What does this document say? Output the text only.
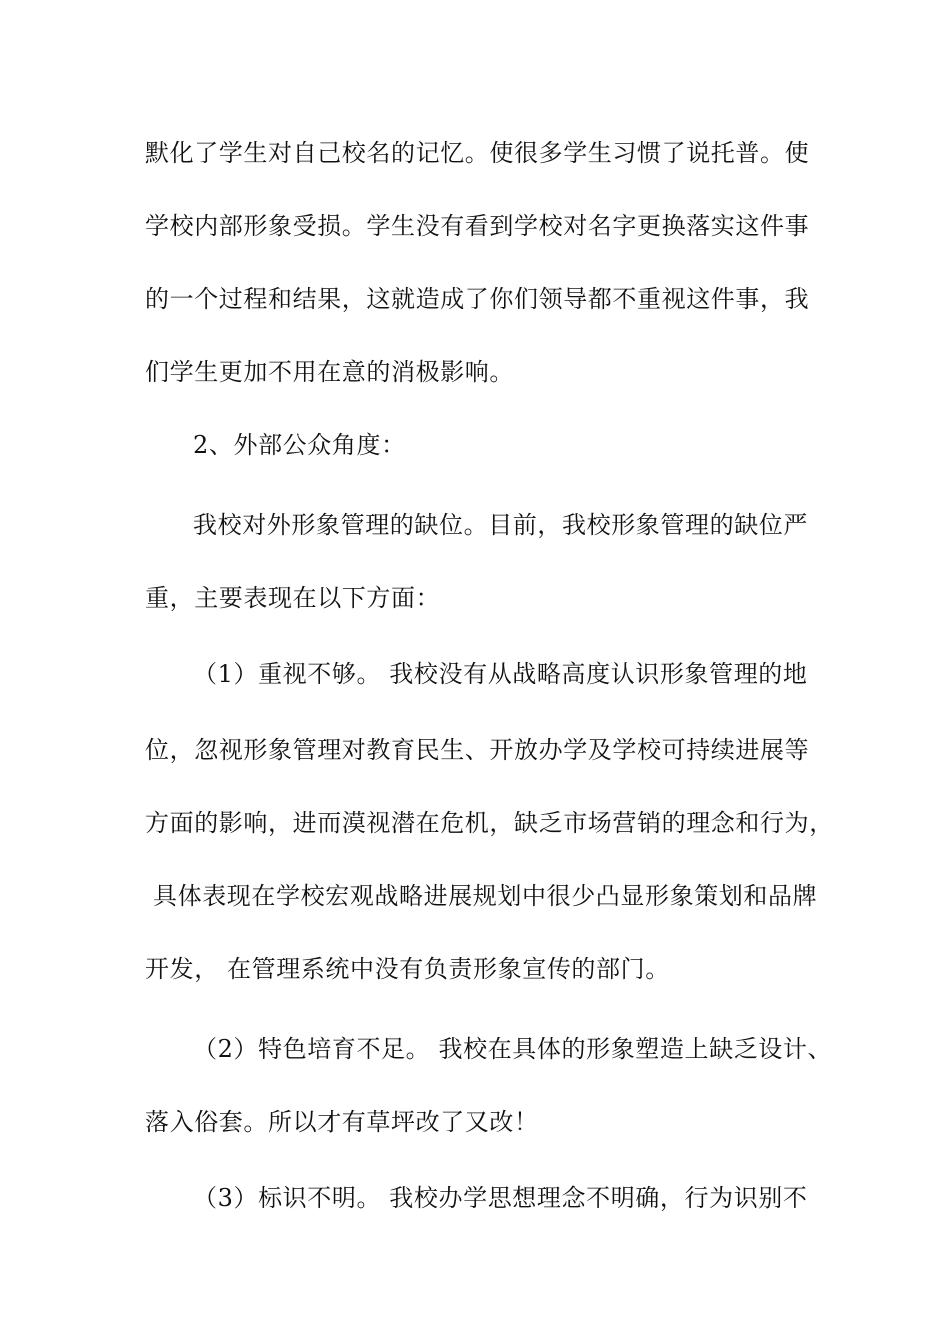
默化了学生对自己校名的记忆。使很多学生习惯了说托普。使
学校内部形象受损。学生没有看到学校对名字更换落实这件事
的一个过程和结果，这就造成了你们领导都不重视这件事，我
们学生更加不用在意的消极影响。
2、外部公众角度：
我校对外形象管理的缺位。目前，我校形象管理的缺位严
重，主要表现在以下方面：
（1）重视不够。 我校没有从战略高度认识形象管理的地
位，忽视形象管理对教育民生、开放办学及学校可持续进展等
方面的影响，进而漠视潜在危机，缺乏市场营销的理念和行为，
具体表现在学校宏观战略进展规划中很少凸显形象策划和品牌
开发， 在管理系统中没有负责形象宣传的部门。
（2）特色培育不足。 我校在具体的形象塑造上缺乏设计、
落入俗套。所以才有草坪改了又改！
（3）标识不明。 我校办学思想理念不明确，行为识别不
